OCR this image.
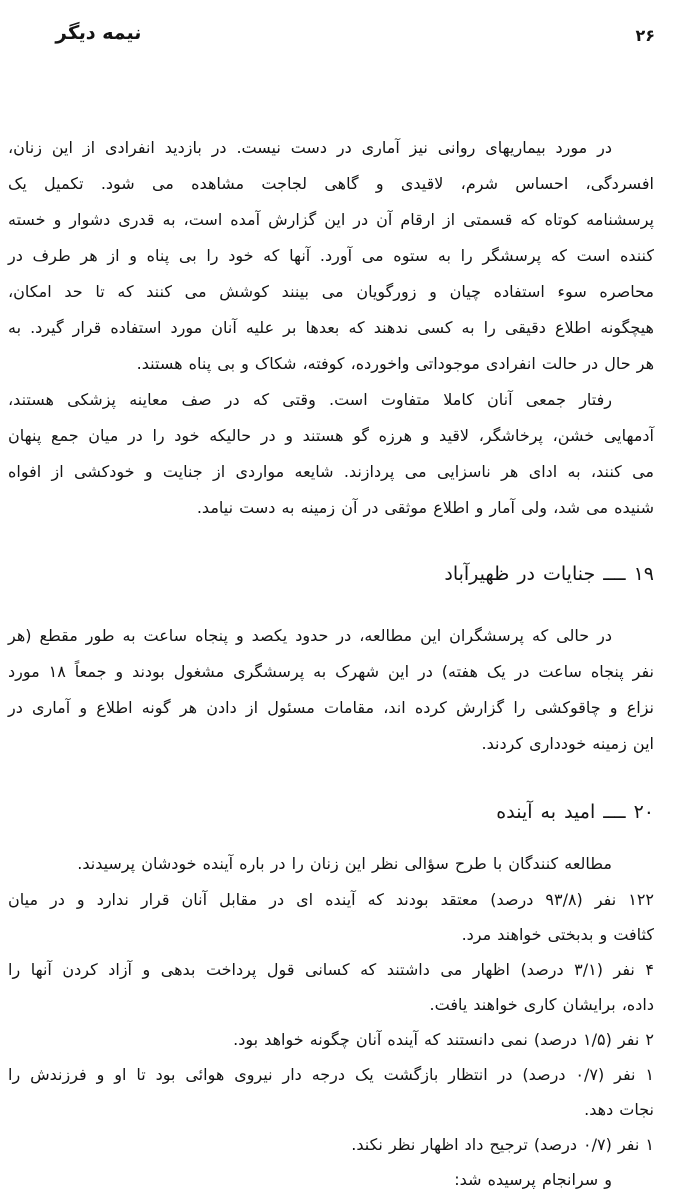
نیمه دیگر	۲۶
در مورد بیماریهای روانی نیز آماری در دست نیست. در بازدید انفرادی از این زنان،
افسردگی، احساس شرم، لاقیدی و گاهی لجاجت مشاهده می شود. تکمیل یک
پرسشنامه کوتاه که قسمتی از ارقام آن در این گزارش آمده است، به قدری دشوار و خسته
کننده است که پرسشگر را به ستوه می آورد. آنها که خود را بی پناه و از هر طرف در
محاصره سوء استفاده چیان و زورگویان می بینند کوشش می کنند که تا حد امکان،
هیچگونه اطلاع دقیقی را به کسی ندهند که بعدها بر علیه آنان مورد استفاده قرار گیرد. به
هر حال در حالت انفرادی موجوداتی واخورده، کوفته، شکاک و بی پناه هستند.
رفتار جمعی آنان کاملا متفاوت است. وقتی که در صف معاینه پزشکی هستند،
آدمهایی خشن، پرخاشگر، لاقید و هرزه گو هستند و در حالیکه خود را در میان جمع پنهان
می کنند، به ادای هر ناسزایی می پردازند. شایعه مواردی از جنایت و خودکشی از افواه
شنیده می شد، ولی آمار و اطلاع موثقی در آن زمینه به دست نیامد.
۱۹ ــــ جنایات در ظهیرآباد
در حالی که پرسشگران این مطالعه، در حدود یکصد و پنجاه ساعت به طور مقطع (هر
نفر پنجاه ساعت در یک هفته) در این شهرک به پرسشگری مشغول بودند و جمعاً ۱۸ مورد
نزاع و چاقوکشی را گزارش کرده اند، مقامات مسئول از دادن هر گونه اطلاع و آماری در
این زمینه خودداری کردند.
۲۰ ــــ امید به آینده
مطالعه کنندگان با طرح سؤالی نظر این زنان را در باره آینده خودشان پرسیدند.
۱۲۲ نفر (۹۳/۸ درصد) معتقد بودند که آینده ای در مقابل آنان قرار ندارد و در میان
کثافت و بدبختی خواهند مرد.
۴ نفر (۳/۱ درصد) اظهار می داشتند که کسانی قول پرداخت بدهی و آزاد کردن آنها را
داده، برایشان کاری خواهند یافت.
۲ نفر (۱/۵ درصد) نمی دانستند که آینده آنان چگونه خواهد بود.
۱ نفر (۰/۷ درصد) در انتظار بازگشت یک درجه دار نیروی هوائی بود تا او و فرزندش را
نجات دهد.
۱ نفر (۰/۷ درصد) ترجیح داد اظهار نظر نکند.
و سرانجام پرسیده شد:
